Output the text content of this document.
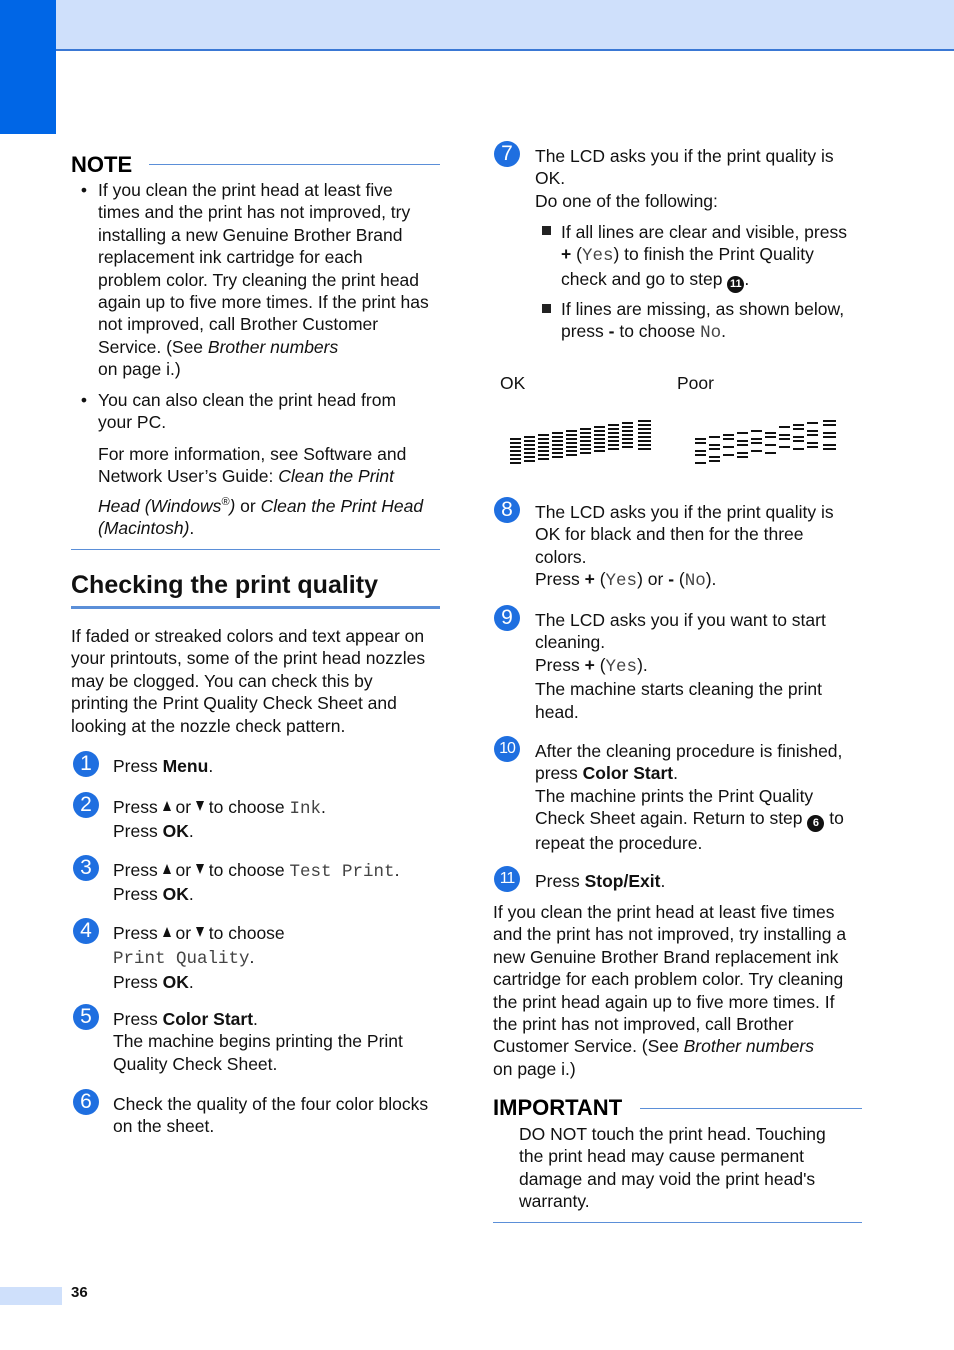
36
NOTE
• If you clean the print head at least five
times and the print has not improved, try
installing a new Genuine Brother Brand
replacement ink cartridge for each
problem color. Try cleaning the print head
again up to five more times. If the print has
not improved, call Brother Customer
Service. (See Brother numbers
on page i.)
• You can also clean the print head from
your PC.
For more information, see Software and
Network User’s Guide: Clean the Print
Head (Windows®) or Clean the Print Head
(Macintosh).
Checking the print quality
If faded or streaked colors and text appear on
your printouts, some of the print head nozzles
may be clogged. You can check this by
printing the Print Quality Check Sheet and
looking at the nozzle check pattern.
1	Press Menu.
2	Press  or  to choose Ink.
Press OK.
3	Press  or  to choose Test Print.
Press OK.
4	Press  or  to choose
Print Quality.
Press OK.
5	Press Color Start.
The machine begins printing the Print
Quality Check Sheet.
6	Check the quality of the four color blocks
on the sheet.
7	The LCD asks you if the print quality is
OK.
Do one of the following:
If all lines are clear and visible, press
+ (Yes) to finish the Print Quality
check and go to step 11 .
If lines are missing, as shown below,
press - to choose No.
OK	Poor
8	The LCD asks you if the print quality is
OK for black and then for the three
colors.
Press + (Yes) or - (No).
9	The LCD asks you if you want to start
cleaning.
Press + (Yes).
The machine starts cleaning the print
head.
10 After the cleaning procedure is finished,
press Color Start.
The machine prints the Print Quality
Check Sheet again. Return to step 6 to
repeat the procedure.
11	Press Stop/Exit.
If you clean the print head at least five times
and the print has not improved, try installing a
new Genuine Brother Brand replacement ink
cartridge for each problem color. Try cleaning
the print head again up to five more times. If
the print has not improved, call Brother
Customer Service. (See Brother numbers
on page i.)
IMPORTANT
DO NOT touch the print head. Touching
the print head may cause permanent
damage and may void the print head's
warranty.
